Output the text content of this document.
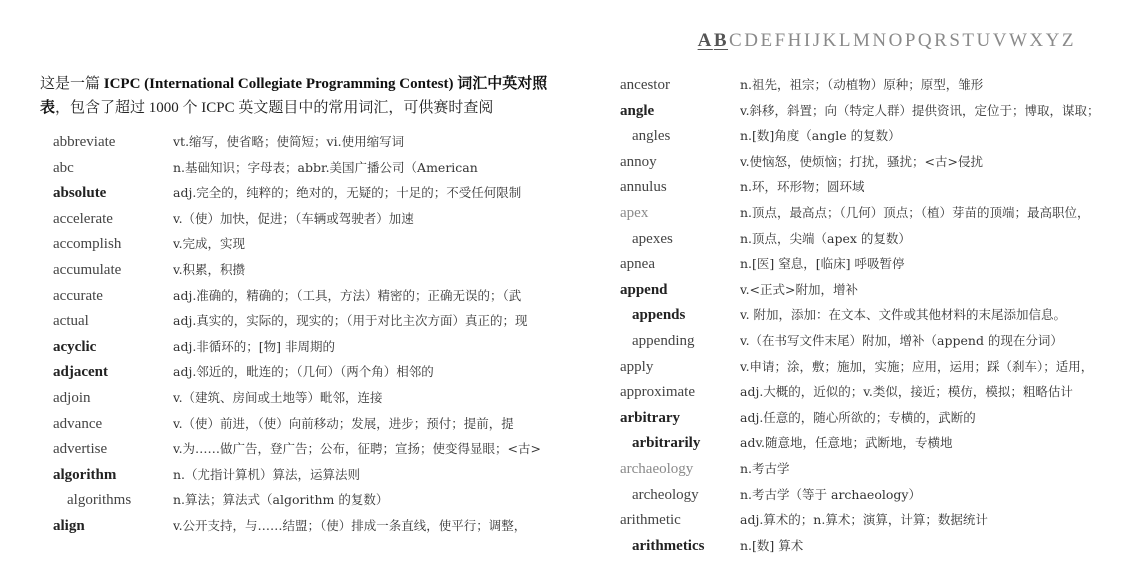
ABCDEFHIJKLMNOPQRSTUVWXYZ

这是一篇 ICPC (International Collegiate Programming Contest) 词汇中英对照表，包含了超过 1000 个 ICPC 英文题目中的常用词汇，可供赛时查阅

abbreviate	vt.缩写，使省略；使简短；vi.使用缩写词
abc	n.基础知识；字母表；abbr.美国广播公司（American
absolute	adj.完全的，纯粹的；绝对的，无疑的；十足的；不受任何限制
accelerate	v.（使）加快，促进；（车辆或驾驶者）加速
accomplish	v.完成，实现
accumulate	v.积累，积攒
accurate	adj.准确的，精确的；（工具，方法）精密的；正确无误的；（武
actual	adj.真实的，实际的，现实的；（用于对比主次方面）真正的；现
acyclic	adj.非循环的；[物] 非周期的
adjacent	adj.邻近的，毗连的；（几何）（两个角）相邻的
adjoin	v.（建筑、房间或土地等）毗邻，连接
advance	v.（使）前进，（使）向前移动；发展，进步；预付；提前，提
advertise	v.为……做广告，登广告；公布，征聘；宣扬；使变得显眼；<古>
algorithm	n.（尤指计算机）算法，运算法则
algorithms	n.算法；算法式（algorithm 的复数）
align	v.公开支持，与……结盟；（使）排成一条直线，使平行；调整，
ancestor	n.祖先，祖宗；（动植物）原种；原型，雏形
angle	v.斜移，斜置；向（特定人群）提供资讯，定位于；博取，谋取；
angles	n.[数]角度（angle 的复数）
annoy	v.使恼怒，使烦恼；打扰，骚扰；<古>侵扰
annulus	n.环，环形物；圆环域
apex	n.顶点，最高点；（几何）顶点；（植）芽苗的顶端；最高职位，
apexes	n.顶点，尖端（apex 的复数）
apnea	n.[医] 窒息，[临床] 呼吸暂停
append	v.<正式>附加，增补
appends	v. 附加，添加：在文本、文件或其他材料的末尾添加信息。
appending	v.（在书写文件末尾）附加，增补（append 的现在分词）
apply	v.申请；涂，敷；施加，实施；应用，运用；踩（刹车）；适用，
approximate	adj.大概的，近似的；v.类似，接近；模仿，模拟；粗略估计
arbitrary	adj.任意的，随心所欲的；专横的，武断的
arbitrarily	adv.随意地，任意地；武断地，专横地
archaeology	n.考古学
archeology	n.考古学（等于 archaeology）
arithmetic	adj.算术的；n.算术；演算，计算；数据统计
arithmetics	n.[数] 算术
